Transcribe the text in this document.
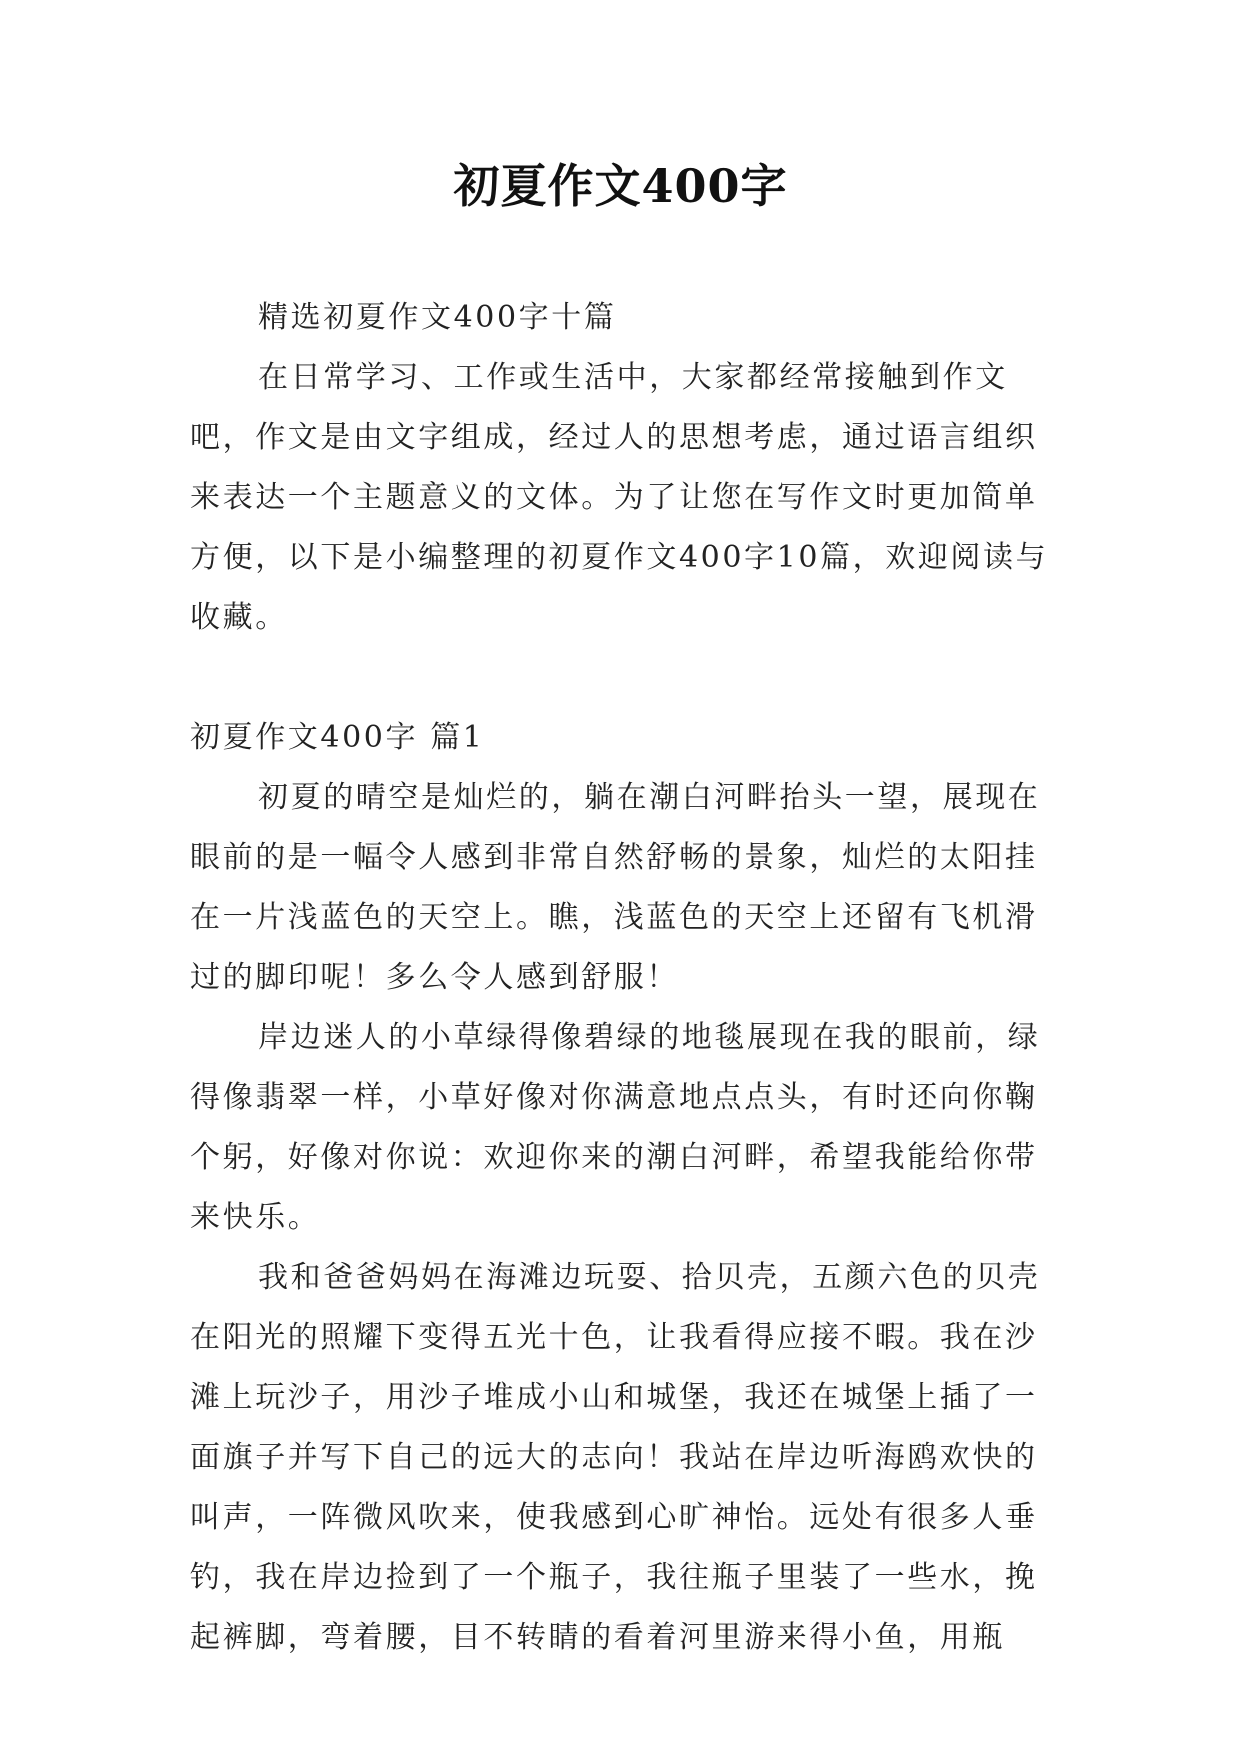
初夏作文400字

精选初夏作文400字十篇

在日常学习、工作或生活中，大家都经常接触到作文吧，作文是由文字组成，经过人的思想考虑，通过语言组织来表达一个主题意义的文体。为了让您在写作文时更加简单方便，以下是小编整理的初夏作文400字10篇，欢迎阅读与收藏。

初夏作文400字 篇1

初夏的晴空是灿烂的，躺在潮白河畔抬头一望，展现在眼前的是一幅令人感到非常自然舒畅的景象，灿烂的太阳挂在一片浅蓝色的天空上。瞧，浅蓝色的天空上还留有飞机滑过的脚印呢！多么令人感到舒服！

岸边迷人的小草绿得像碧绿的地毯展现在我的眼前，绿得像翡翠一样，小草好像对你满意地点点头，有时还向你鞠个躬，好像对你说：欢迎你来的潮白河畔，希望我能给你带来快乐。

我和爸爸妈妈在海滩边玩耍、拾贝壳，五颜六色的贝壳在阳光的照耀下变得五光十色，让我看得应接不暇。我在沙滩上玩沙子，用沙子堆成小山和城堡，我还在城堡上插了一面旗子并写下自己的远大的志向！我站在岸边听海鸥欢快的叫声，一阵微风吹来，使我感到心旷神怡。远处有很多人垂钓，我在岸边捡到了一个瓶子，我往瓶子里装了一些水，挽起裤脚，弯着腰，目不转睛的看着河里游来得小鱼，用瓶
